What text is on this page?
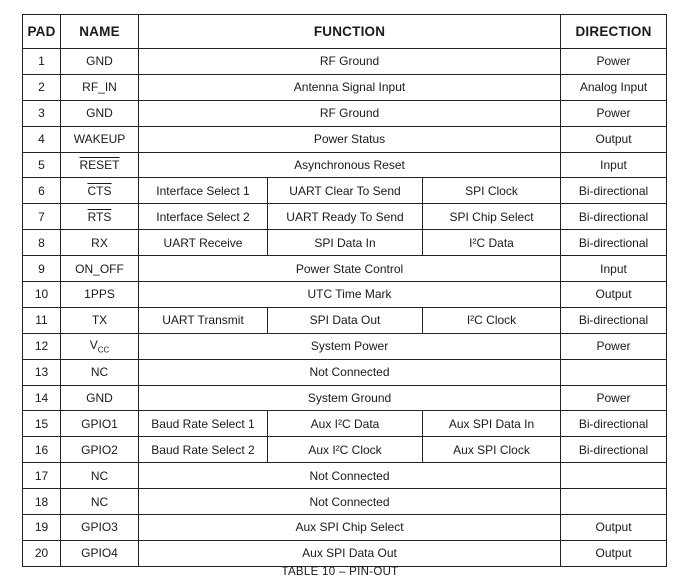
PAD	NAME	FUNCTION			DIRECTION
1	GND	RF Ground			Power
2	RF_IN	Antenna Signal Input			Analog Input
3	GND	RF Ground			Power
4	WAKEUP	Power Status			Output
5	RESET	Asynchronous Reset			Input
6	$\overline{CTS}$	Interface Select 1	UART Clear To Send	SPI Clock	Bi-directional
7	$\overline{RTS}$	Interface Select 2	UART Ready To Send	SPI Chip Select	Bi-directional
8	RX	UART Receive	SPI Data In	I²C Data	Bi-directional
9	ON_OFF	Power State Control			Input
10	1PPS	UTC Time Mark			Output
11	TX	UART Transmit	SPI Data Out	I²C Clock	Bi-directional
12	$V_{CC}$	System Power			Power
13	NC	Not Connected			
14	GND	System Ground			Power
15	GPIO1	Baud Rate Select 1	Aux I²C Data	Aux SPI Data In	Bi-directional
16	GPIO2	Baud Rate Select 2	Aux I²C Clock	Aux SPI Clock	Bi-directional
17	NC	Not Connected			
18	NC	Not Connected			
19	GPIO3	Aux SPI Chip Select			Output
20	GPIO4	Aux SPI Data Out			Output
TABLE 10 – PIN-OUT
